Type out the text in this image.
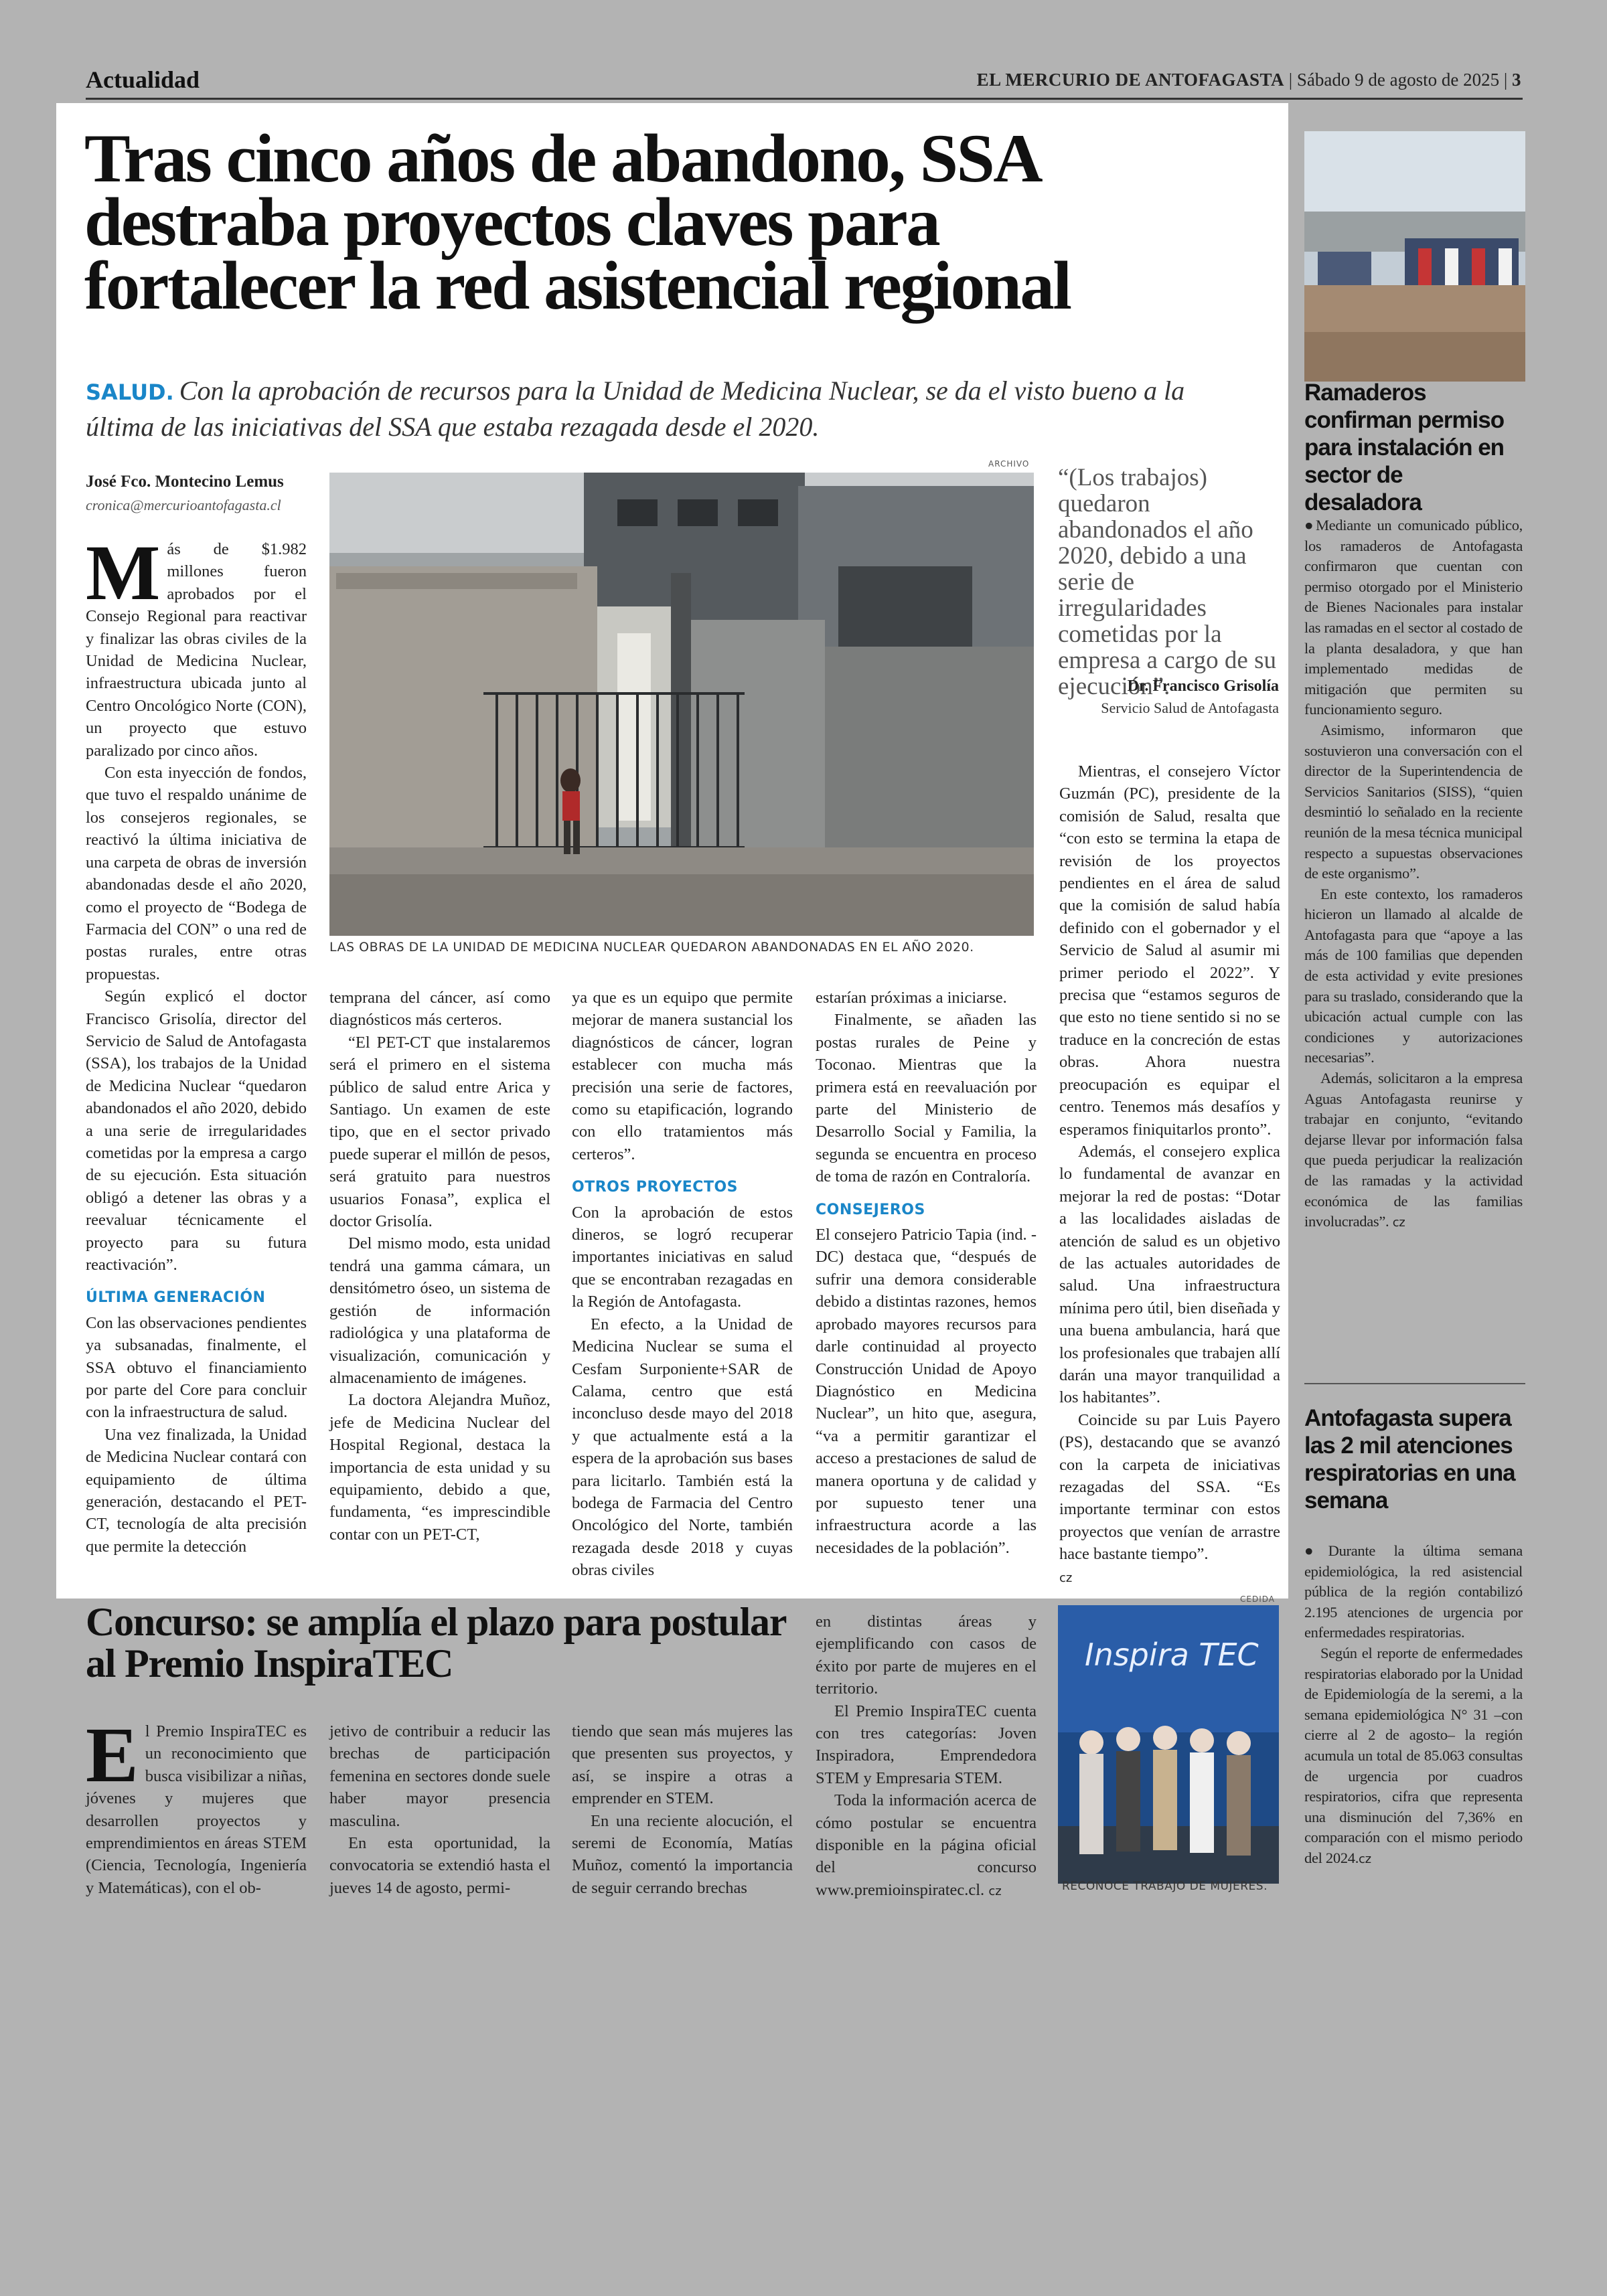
Actualidad	EL MERCURIO DE ANTOFAGASTA | Sábado 9 de agosto de 2025 | 3
Tras cinco años de abandono, SSA destraba proyectos claves para fortalecer la red asistencial regional
SALUD. Con la aprobación de recursos para la Unidad de Medicina Nuclear, se da el visto bueno a la última de las iniciativas del SSA que estaba rezagada desde el 2020.
José Fco. Montecino Lemus
cronica@mercurioantofagasta.cl

Más de $1.982 millones fueron aprobados por el Consejo Regional para reactivar y finalizar las obras civiles de la Unidad de Medicina Nuclear, infraestructura ubicada junto al Centro Oncológico Norte (CON), un proyecto que estuvo paralizado por cinco años.

Con esta inyección de fondos, que tuvo el respaldo unánime de los consejeros regionales, se reactivó la última iniciativa de una carpeta de obras de inversión abandonadas desde el año 2020, como el proyecto de “Bodega de Farmacia del CON” o una red de postas rurales, entre otras propuestas.

Según explicó el doctor Francisco Grisolía, director del Servicio de Salud de Antofagasta (SSA), los trabajos de la Unidad de Medicina Nuclear “quedaron abandonados el año 2020, debido a una serie de irregularidades cometidas por la empresa a cargo de su ejecución. Esta situación obligó a detener las obras y a reevaluar técnicamente el proyecto para su futura reactivación”.

ÚLTIMA GENERACIÓN

Con las observaciones pendientes ya subsanadas, finalmente, el SSA obtuvo el financiamiento por parte del Core para concluir con la infraestructura de salud.

Una vez finalizada, la Unidad de Medicina Nuclear contará con equipamiento de última generación, destacando el PET-CT, tecnología de alta precisión que permite la detección

ARCHIVO
LAS OBRAS DE LA UNIDAD DE MEDICINA NUCLEAR QUEDARON ABANDONADAS EN EL AÑO 2020.
“(Los trabajos) quedaron abandonados el año 2020, debido a una serie de irregularidades cometidas por la empresa a cargo de su ejecución”.
Dr. Francisco Grisolía
Servicio Salud de Antofagasta

temprana del cáncer, así como diagnósticos más certeros.

“El PET-CT que instalaremos será el primero en el sistema público de salud entre Arica y Santiago. Un examen de este tipo, que en el sector privado puede superar el millón de pesos, será gratuito para nuestros usuarios Fonasa”, explica el doctor Grisolía.

Del mismo modo, esta unidad tendrá una gamma cámara, un densitómetro óseo, un sistema de gestión de información radiológica y una plataforma de visualización, comunicación y almacenamiento de imágenes.

La doctora Alejandra Muñoz, jefe de Medicina Nuclear del Hospital Regional, destaca la importancia de esta unidad y su equipamiento, debido a que, fundamenta, “es imprescindible contar con un PET-CT,

ya que es un equipo que permite mejorar de manera sustancial los diagnósticos de cáncer, logran establecer con mucha más precisión una serie de factores, como su etapificación, logrando con ello tratamientos más certeros”.

OTROS PROYECTOS

Con la aprobación de estos dineros, se logró recuperar importantes iniciativas en salud que se encontraban rezagadas en la Región de Antofagasta.

En efecto, a la Unidad de Medicina Nuclear se suma el Cesfam Surponiente+SAR de Calama, centro que está inconcluso desde mayo del 2018 y que actualmente está a la espera de la aprobación sus bases para licitarlo. También está la bodega de Farmacia del Centro Oncológico del Norte, también rezagada desde 2018 y cuyas obras civiles

estarían próximas a iniciarse.

Finalmente, se añaden las postas rurales de Peine y Toconao. Mientras que la primera está en reevaluación por parte del Ministerio de Desarrollo Social y Familia, la segunda se encuentra en proceso de toma de razón en Contraloría.

CONSEJEROS

El consejero Patricio Tapia (ind. - DC) destaca que, “después de sufrir una demora considerable debido a distintas razones, hemos aprobado mayores recursos para darle continuidad al proyecto Construcción Unidad de Apoyo Diagnóstico en Medicina Nuclear”, un hito que, asegura, “va a permitir garantizar el acceso a prestaciones de salud de manera oportuna y de calidad y por supuesto tener una infraestructura acorde a las necesidades de la población”.

Mientras, el consejero Víctor Guzmán (PC), presidente de la comisión de Salud, resalta que “con esto se termina la etapa de revisión de los proyectos pendientes en el área de salud que la comisión de salud había definido con el gobernador y el Servicio de Salud al asumir mi primer periodo el 2022”. Y precisa que “estamos seguros de que esto no tiene sentido si no se traduce en la concreción de estas obras. Ahora nuestra preocupación es equipar el centro. Tenemos más desafíos y esperamos finiquitarlos pronto”.

Además, el consejero explica lo fundamental de avanzar en mejorar la red de postas: “Dotar a las localidades aisladas de atención de salud es un objetivo de las actuales autoridades de salud. Una infraestructura mínima pero útil, bien diseñada y una buena ambulancia, hará que los profesionales que trabajen allí darán una mayor tranquilidad a los habitantes”.

Coincide su par Luis Payero (PS), destacando que se avanzó con la carpeta de iniciativas rezagadas del SSA. “Es importante terminar con estos proyectos que venían de arrastre hace bastante tiempo”.

cz
Ramaderos confirman permiso para instalación en sector de desaladora

●Mediante un comunicado público, los ramaderos de Antofagasta confirmaron que cuentan con permiso otorgado por el Ministerio de Bienes Nacionales para instalar las ramadas en el sector al costado de la planta desaladora, y que han implementado medidas de mitigación que permiten su funcionamiento seguro.

Asimismo, informaron que sostuvieron una conversación con el director de la Superintendencia de Servicios Sanitarios (SISS), “quien desmintió lo señalado en la reciente reunión de la mesa técnica municipal respecto a supuestas observaciones de este organismo”.

En este contexto, los ramaderos hicieron un llamado al alcalde de Antofagasta para que “apoye a las más de 100 familias que dependen de esta actividad y evite presiones para su traslado, considerando que la ubicación actual cumple con las condiciones y autorizaciones necesarias”.

Además, solicitaron a la empresa Aguas Antofagasta reunirse y trabajar en conjunto, “evitando dejarse llevar por información falsa que pueda perjudicar la realización de las ramadas y la actividad económica de las familias involucradas”. cz

Antofagasta supera las 2 mil atenciones respiratorias en una semana

●Durante la última semana epidemiológica, la red asistencial pública de la región contabilizó 2.195 atenciones de urgencia por enfermedades respiratorias.

Según el reporte de enfermedades respiratorias elaborado por la Unidad de Epidemiología de la seremi, a la semana epidemiológica N° 31 –con cierre al 2 de agosto– la región acumula un total de 85.063 consultas de urgencia por cuadros respiratorios, cifra que representa una disminución del 7,36% en comparación con el mismo periodo del 2024.cz

Concurso: se amplía el plazo para postular al Premio InspiraTEC

El Premio InspiraTEC es un reconocimiento que busca visibilizar a niñas, jóvenes y mujeres que desarrollen proyectos y emprendimientos en áreas STEM (Ciencia, Tecnología, Ingeniería y Matemáticas), con el ob-

jetivo de contribuir a reducir las brechas de participación femenina en sectores donde suele haber mayor presencia masculina.

En esta oportunidad, la convocatoria se extendió hasta el jueves 14 de agosto, permi-

tiendo que sean más mujeres las que presenten sus proyectos, y así, se inspire a otras a emprender en STEM.

En una reciente alocución, el seremi de Economía, Matías Muñoz, comentó la importancia de seguir cerrando brechas

en distintas áreas y ejemplificando con casos de éxito por parte de mujeres en el territorio.

El Premio InspiraTEC cuenta con tres categorías: Joven Inspiradora, Emprendedora STEM y Empresaria STEM.

Toda la información acerca de cómo postular se encuentra disponible en la página oficial del concurso www.premioinspiratec.cl. cz

CEDIDA
Inspira TEC
RECONOCE TRABAJO DE MUJERES.
